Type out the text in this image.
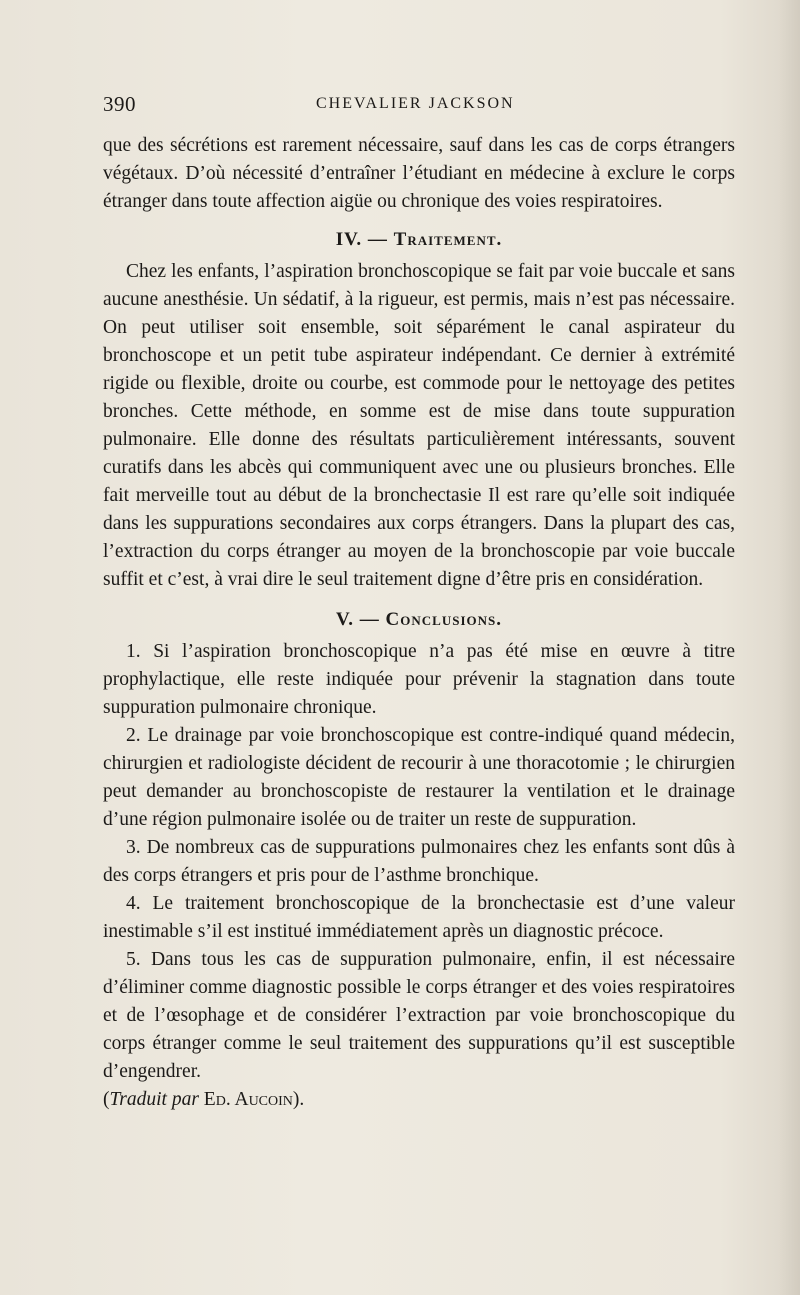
390	CHEVALIER JACKSON

que des sécrétions est rarement nécessaire, sauf dans les cas de corps étrangers végétaux. D’où nécessité d’entraîner l’étudiant en médecine à exclure le corps étranger dans toute affection aigüe ou chronique des voies respiratoires.

IV. — Traitement.

Chez les enfants, l’aspiration bronchoscopique se fait par voie buccale et sans aucune anesthésie. Un sédatif, à la rigueur, est permis, mais n’est pas nécessaire. On peut utiliser soit ensemble, soit séparément le canal aspirateur du bronchoscope et un petit tube aspirateur indépendant. Ce dernier à extrémité rigide ou flexible, droite ou courbe, est commode pour le nettoyage des petites bronches. Cette méthode, en somme est de mise dans toute suppuration pulmonaire. Elle donne des résultats particulièrement intéressants, souvent curatifs dans les abcès qui communiquent avec une ou plusieurs bronches. Elle fait merveille tout au début de la bronchectasie Il est rare qu’elle soit indiquée dans les suppurations secondaires aux corps étrangers. Dans la plupart des cas, l’extraction du corps étranger au moyen de la bronchoscopie par voie buccale suffit et c’est, à vrai dire le seul traitement digne d’être pris en considération.

V. — Conclusions.

1. Si l’aspiration bronchoscopique n’a pas été mise en œuvre à titre prophylactique, elle reste indiquée pour prévenir la stagnation dans toute suppuration pulmonaire chronique.

2. Le drainage par voie bronchoscopique est contre-indiqué quand médecin, chirurgien et radiologiste décident de recourir à une thoracotomie ; le chirurgien peut demander au bronchoscopiste de restaurer la ventilation et le drainage d’une région pulmonaire isolée ou de traiter un reste de suppuration.

3. De nombreux cas de suppurations pulmonaires chez les enfants sont dûs à des corps étrangers et pris pour de l’asthme bronchique.

4. Le traitement bronchoscopique de la bronchectasie est d’une valeur inestimable s’il est institué immédiatement après un diagnostic précoce.

5. Dans tous les cas de suppuration pulmonaire, enfin, il est nécessaire d’éliminer comme diagnostic possible le corps étranger et des voies respiratoires et de l’œsophage et de considérer l’extraction par voie bronchoscopique du corps étranger comme le seul traitement des suppurations qu’il est susceptible d’engendrer.

(Traduit par Ed. Aucoin).
